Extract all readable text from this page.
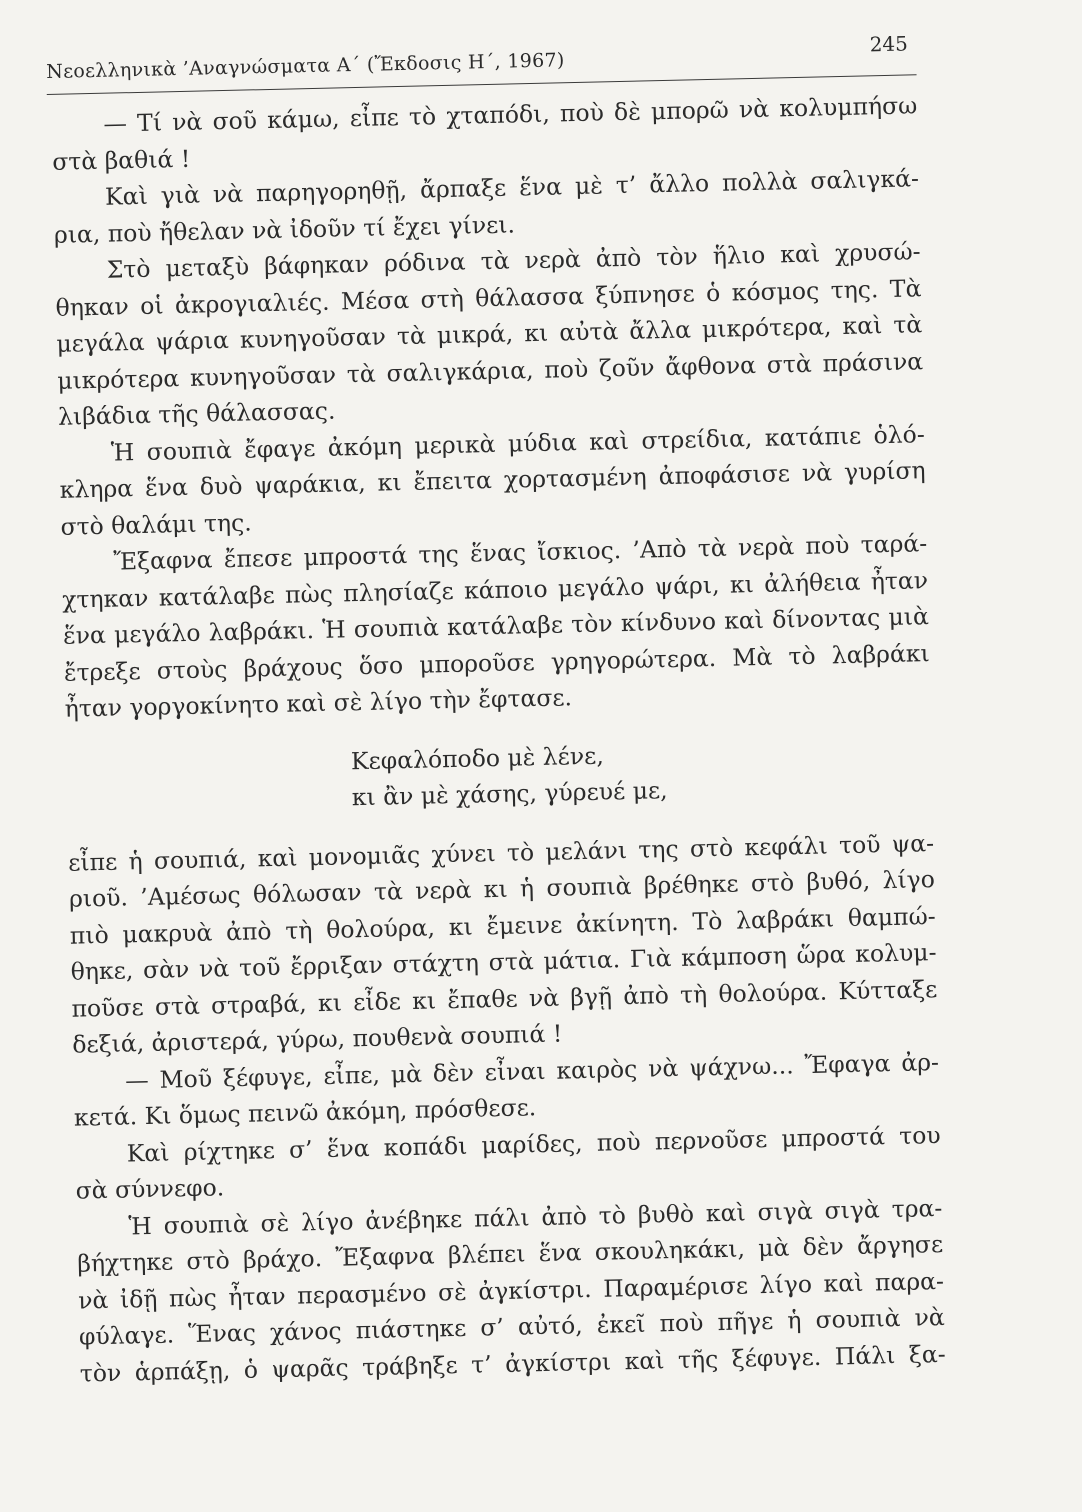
Νεοελληνικὰ ’Αναγνώσματα Α΄ (Ἔκδοσις Η΄, 1967)
245
— Τί νὰ σοῦ κάμω, εἶπε τὸ χταπόδι, ποὺ δὲ μπορῶ νὰ κολυμπήσω
στὰ βαθιά !
Καὶ γιὰ νὰ παρηγορηθῇ, ἄρπαξε ἕνα μὲ τ’ ἄλλο πολλὰ σαλιγκά-
ρια, ποὺ ἤθελαν νὰ ἰδοῦν τί ἔχει γίνει.
Στὸ μεταξὺ βάφηκαν ρόδινα τὰ νερὰ ἀπὸ τὸν ἥλιο καὶ χρυσώ-
θηκαν οἱ ἀκρογιαλιές. Μέσα στὴ θάλασσα ξύπνησε ὁ κόσμος της. Τὰ
μεγάλα ψάρια κυνηγοῦσαν τὰ μικρά, κι αὐτὰ ἄλλα μικρότερα, καὶ τὰ
μικρότερα κυνηγοῦσαν τὰ σαλιγκάρια, ποὺ ζοῦν ἄφθονα στὰ πράσινα
λιβάδια τῆς θάλασσας.
Ἡ σουπιὰ ἔφαγε ἀκόμη μερικὰ μύδια καὶ στρείδια, κατάπιε ὁλό-
κληρα ἕνα δυὸ ψαράκια, κι ἔπειτα χορτασμένη ἀποφάσισε νὰ γυρίση
στὸ θαλάμι της.
Ἔξαφνα ἔπεσε μπροστά της ἕνας ἴσκιος. ’Απὸ τὰ νερὰ ποὺ ταρά-
χτηκαν κατάλαβε πὼς πλησίαζε κάποιο μεγάλο ψάρι, κι ἀλήθεια ἦταν
ἕνα μεγάλο λαβράκι. Ἡ σουπιὰ κατάλαβε τὸν κίνδυνο καὶ δίνοντας μιὰ
ἔτρεξε στοὺς βράχους ὅσο μποροῦσε γρηγορώτερα. Μὰ τὸ λαβράκι
ἦταν γοργοκίνητο καὶ σὲ λίγο τὴν ἔφτασε.
Κεφαλόποδο μὲ λένε,
κι ἂν μὲ χάσης, γύρευέ με,
εἶπε ἡ σουπιά, καὶ μονομιᾶς χύνει τὸ μελάνι της στὸ κεφάλι τοῦ ψα-
ριοῦ. ’Αμέσως θόλωσαν τὰ νερὰ κι ἡ σουπιὰ βρέθηκε στὸ βυθό, λίγο
πιὸ μακρυὰ ἀπὸ τὴ θολούρα, κι ἔμεινε ἀκίνητη. Τὸ λαβράκι θαμπώ-
θηκε, σὰν νὰ τοῦ ἔρριξαν στάχτη στὰ μάτια. Γιὰ κάμποση ὥρα κολυμ-
ποῦσε στὰ στραβά, κι εἶδε κι ἔπαθε νὰ βγῇ ἀπὸ τὴ θολούρα. Κύτταξε
δεξιά, ἀριστερά, γύρω, πουθενὰ σουπιά !
— Μοῦ ξέφυγε, εἶπε, μὰ δὲν εἶναι καιρὸς νὰ ψάχνω... Ἔφαγα ἀρ-
κετά. Κι ὅμως πεινῶ ἀκόμη, πρόσθεσε.
Καὶ ρίχτηκε σ’ ἕνα κοπάδι μαρίδες, ποὺ περνοῦσε μπροστά του
σὰ σύννεφο.
Ἡ σουπιὰ σὲ λίγο ἀνέβηκε πάλι ἀπὸ τὸ βυθὸ καὶ σιγὰ σιγὰ τρα-
βήχτηκε στὸ βράχο. Ἔξαφνα βλέπει ἕνα σκουληκάκι, μὰ δὲν ἄργησε
νὰ ἰδῇ πὼς ἦταν περασμένο σὲ ἀγκίστρι. Παραμέρισε λίγο καὶ παρα-
φύλαγε. Ἕνας χάνος πιάστηκε σ’ αὐτό, ἐκεῖ ποὺ πῆγε ἡ σουπιὰ νὰ
τὸν ἁρπάξῃ, ὁ ψαρᾶς τράβηξε τ’ ἀγκίστρι καὶ τῆς ξέφυγε. Πάλι ξα-
